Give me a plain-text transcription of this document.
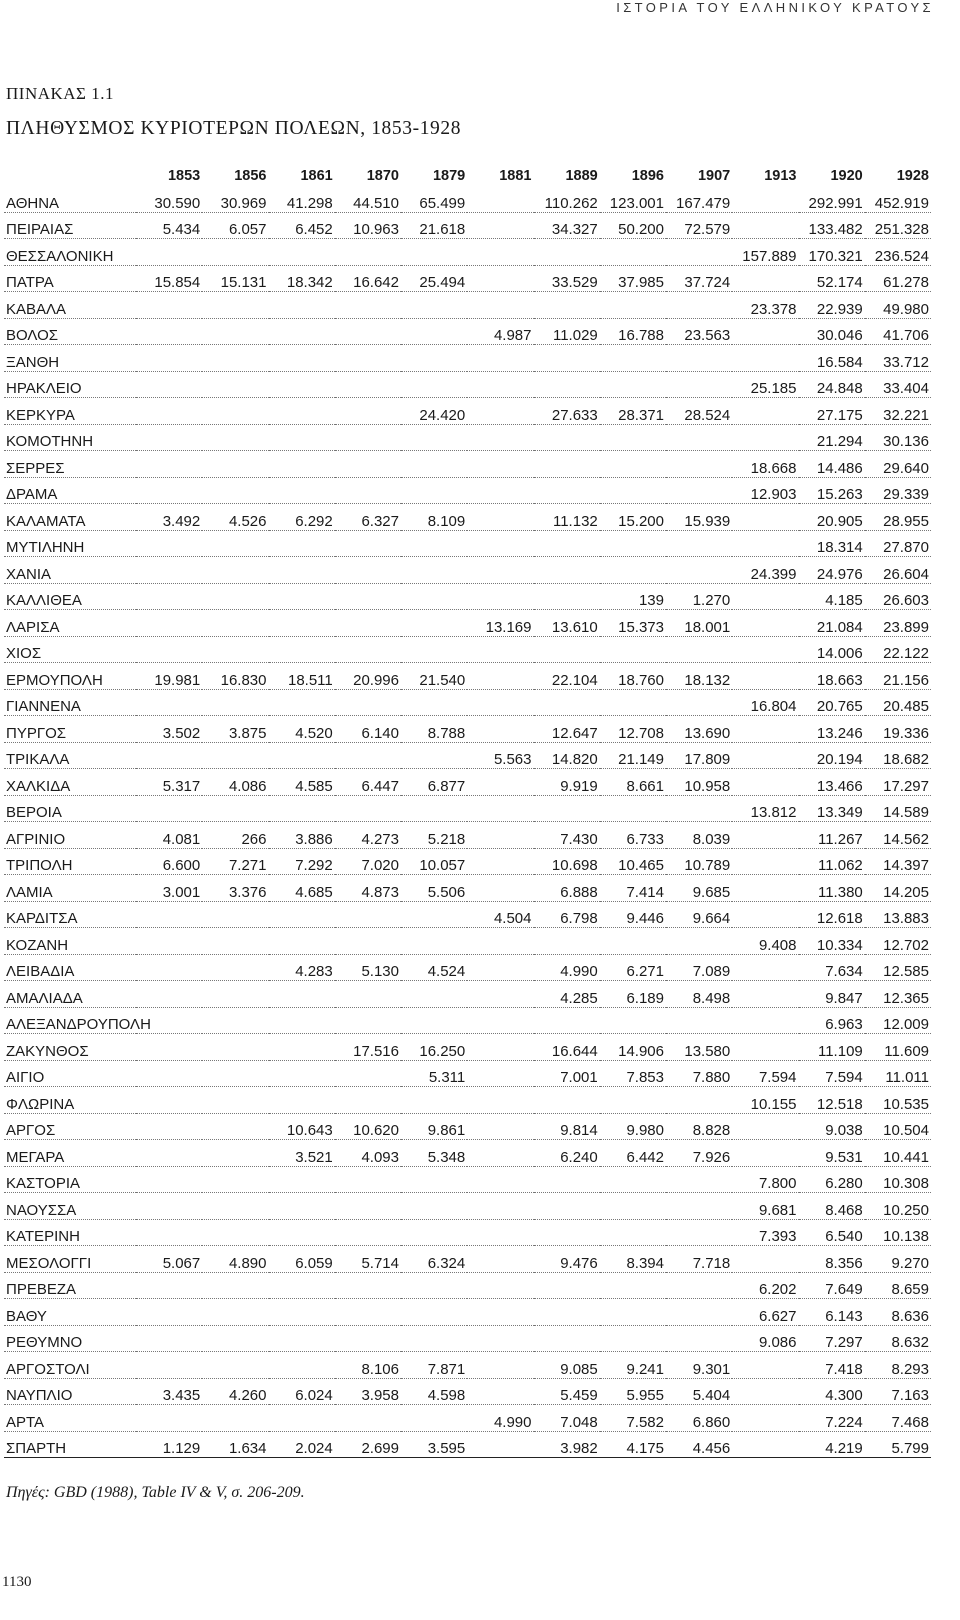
ΙΣΤΟΡΙΑ ΤΟΥ ΕΛΛΗΝΙΚΟΥ ΚΡΑΤΟΥΣ
ΠΙΝΑΚΑΣ 1.1
ΠΛΗΘΥΣΜΟΣ ΚΥΡΙΟΤΕΡΩΝ ΠΟΛΕΩΝ, 1853-1928
	1853	1856	1861	1870	1879	1881	1889	1896	1907	1913	1920	1928
ΑΘΗΝΑ	30.590	30.969	41.298	44.510	65.499		110.262	123.001	167.479		292.991	452.919
ΠΕΙΡΑΙΑΣ	5.434	6.057	6.452	10.963	21.618		34.327	50.200	72.579		133.482	251.328
ΘΕΣΣΑΛΟΝΙΚΗ										157.889	170.321	236.524
ΠΑΤΡΑ	15.854	15.131	18.342	16.642	25.494		33.529	37.985	37.724		52.174	61.278
ΚΑΒΑΛΑ										23.378	22.939	49.980
ΒΟΛΟΣ						4.987	11.029	16.788	23.563		30.046	41.706
ΞΑΝΘΗ											16.584	33.712
ΗΡΑΚΛΕΙΟ										25.185	24.848	33.404
ΚΕΡΚΥΡΑ					24.420		27.633	28.371	28.524		27.175	32.221
ΚΟΜΟΤΗΝΗ											21.294	30.136
ΣΕΡΡΕΣ										18.668	14.486	29.640
ΔΡΑΜΑ										12.903	15.263	29.339
ΚΑΛΑΜΑΤΑ	3.492	4.526	6.292	6.327	8.109		11.132	15.200	15.939		20.905	28.955
ΜΥΤΙΛΗΝΗ											18.314	27.870
ΧΑΝΙΑ										24.399	24.976	26.604
ΚΑΛΛΙΘΕΑ								139	1.270		4.185	26.603
ΛΑΡΙΣΑ						13.169	13.610	15.373	18.001		21.084	23.899
ΧΙΟΣ											14.006	22.122
ΕΡΜΟΥΠΟΛΗ	19.981	16.830	18.511	20.996	21.540		22.104	18.760	18.132		18.663	21.156
ΓΙΑΝΝΕΝΑ										16.804	20.765	20.485
ΠΥΡΓΟΣ	3.502	3.875	4.520	6.140	8.788		12.647	12.708	13.690		13.246	19.336
ΤΡΙΚΑΛΑ						5.563	14.820	21.149	17.809		20.194	18.682
ΧΑΛΚΙΔΑ	5.317	4.086	4.585	6.447	6.877		9.919	8.661	10.958		13.466	17.297
ΒΕΡΟΙΑ										13.812	13.349	14.589
ΑΓΡΙΝΙΟ	4.081	266	3.886	4.273	5.218		7.430	6.733	8.039		11.267	14.562
ΤΡΙΠΟΛΗ	6.600	7.271	7.292	7.020	10.057		10.698	10.465	10.789		11.062	14.397
ΛΑΜΙΑ	3.001	3.376	4.685	4.873	5.506		6.888	7.414	9.685		11.380	14.205
ΚΑΡΔΙΤΣΑ						4.504	6.798	9.446	9.664		12.618	13.883
ΚΟΖΑΝΗ										9.408	10.334	12.702
ΛΕΙΒΑΔΙΑ			4.283	5.130	4.524		4.990	6.271	7.089		7.634	12.585
ΑΜΑΛΙΑΔΑ							4.285	6.189	8.498		9.847	12.365
ΑΛΕΞΑΝΔΡΟΥΠΟΛΗ											6.963	12.009
ΖΑΚΥΝΘΟΣ				17.516	16.250		16.644	14.906	13.580		11.109	11.609
ΑΙΓΙΟ					5.311		7.001	7.853	7.880	7.594	7.594	11.011
ΦΛΩΡΙΝΑ										10.155	12.518	10.535
ΑΡΓΟΣ			10.643	10.620	9.861		9.814	9.980	8.828		9.038	10.504
ΜΕΓΑΡΑ			3.521	4.093	5.348		6.240	6.442	7.926		9.531	10.441
ΚΑΣΤΟΡΙΑ										7.800	6.280	10.308
ΝΑΟΥΣΣΑ										9.681	8.468	10.250
ΚΑΤΕΡΙΝΗ										7.393	6.540	10.138
ΜΕΣΟΛΟΓΓΙ	5.067	4.890	6.059	5.714	6.324		9.476	8.394	7.718		8.356	9.270
ΠΡΕΒΕΖΑ										6.202	7.649	8.659
ΒΑΘΥ										6.627	6.143	8.636
ΡΕΘΥΜΝΟ										9.086	7.297	8.632
ΑΡΓΟΣΤΟΛΙ				8.106	7.871		9.085	9.241	9.301		7.418	8.293
ΝΑΥΠΛΙΟ	3.435	4.260	6.024	3.958	4.598		5.459	5.955	5.404		4.300	7.163
ΑΡΤΑ						4.990	7.048	7.582	6.860		7.224	7.468
ΣΠΑΡΤΗ	1.129	1.634	2.024	2.699	3.595		3.982	4.175	4.456		4.219	5.799
Πηγές: GBD (1988), Table IV & V, σ. 206-209.
1130
